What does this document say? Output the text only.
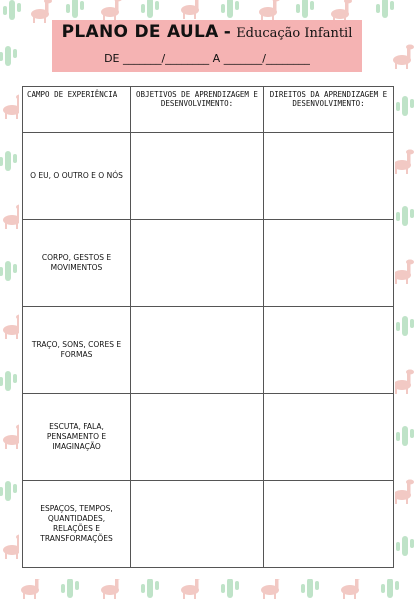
PLANO DE AULA - Educação Infantil
DE _______/________ A _______/________
CAMPO DE EXPERIÊNCIA	OBJETIVOS DE APRENDIZAGEM E DESENVOLVIMENTO:	DIREITOS DA APRENDIZAGEM E DESENVOLVIMENTO:
O EU, O OUTRO E O NÓS		
CORPO, GESTOS E MOVIMENTOS		
TRAÇO, SONS, CORES E FORMAS		
ESCUTA, FALA, PENSAMENTO E IMAGINAÇÃO		
ESPAÇOS, TEMPOS, QUANTIDADES, RELAÇÕES E TRANSFORMAÇÕES		
